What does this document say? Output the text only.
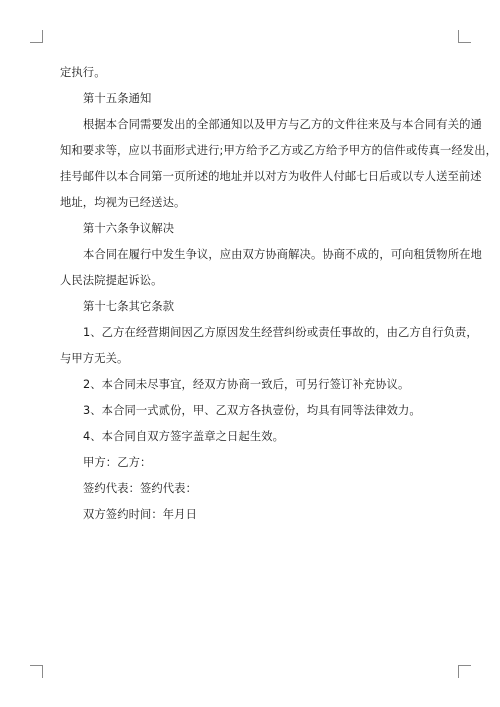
定执行。

第十五条通知

根据本合同需要发出的全部通知以及甲方与乙方的文件往来及与本合同有关的通

知和要求等，应以书面形式进行;甲方给予乙方或乙方给予甲方的信件或传真一经发出，

挂号邮件以本合同第一页所述的地址并以对方为收件人付邮七日后或以专人送至前述

地址，均视为已经送达。

第十六条争议解决

本合同在履行中发生争议，应由双方协商解决。协商不成的，可向租赁物所在地

人民法院提起诉讼。

第十七条其它条款

1、乙方在经营期间因乙方原因发生经营纠纷或责任事故的，由乙方自行负责，

与甲方无关。

2、本合同未尽事宜，经双方协商一致后，可另行签订补充协议。

3、本合同一式贰份，甲、乙双方各执壹份，均具有同等法律效力。

4、本合同自双方签字盖章之日起生效。

甲方：乙方：

签约代表：签约代表：

双方签约时间：年月日
